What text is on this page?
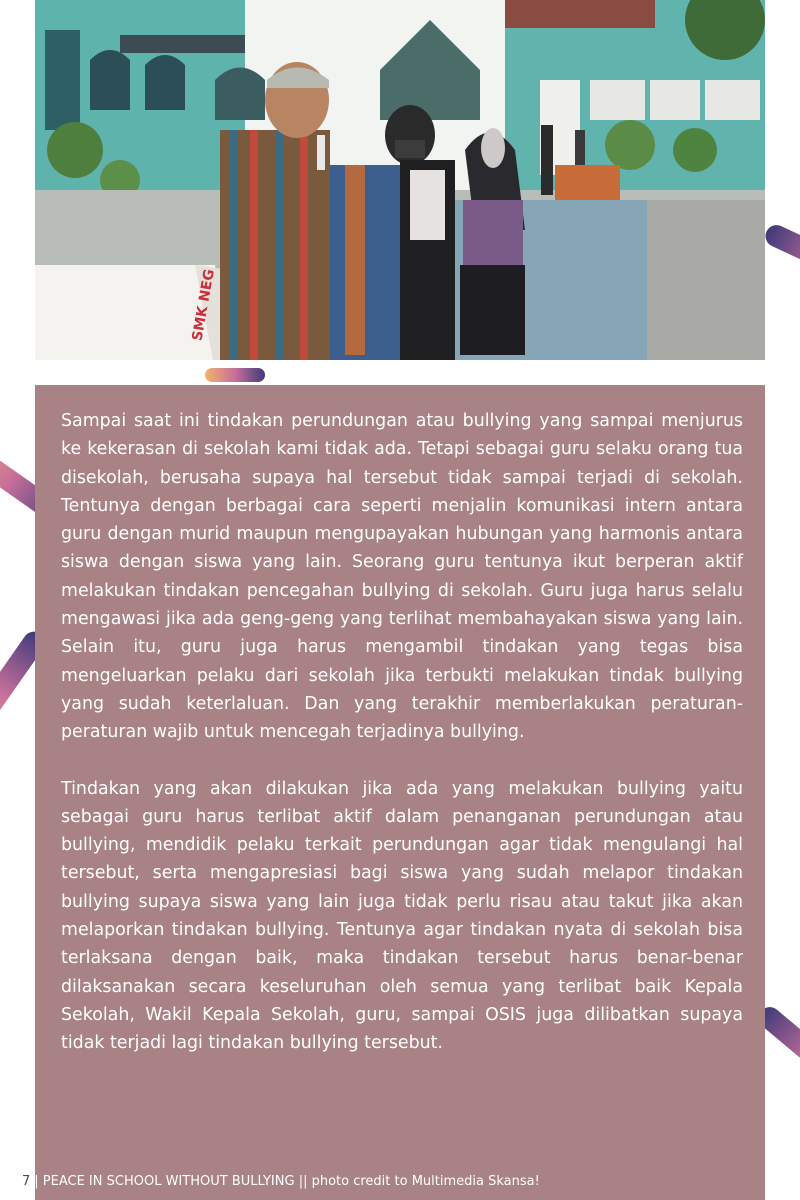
SMK NEG

Sampai saat ini tindakan perundungan atau bullying yang sampai menjurus ke kekerasan di sekolah kami tidak ada. Tetapi sebagai guru selaku orang tua disekolah, berusaha supaya hal tersebut tidak sampai terjadi di sekolah. Tentunya dengan berbagai cara seperti menjalin komunikasi intern antara guru dengan murid maupun mengupayakan hubungan yang harmonis antara siswa dengan siswa yang lain. Seorang guru tentunya ikut berperan aktif melakukan tindakan pencegahan bullying di sekolah. Guru juga harus selalu mengawasi jika ada geng-geng yang terlihat membahayakan siswa yang lain. Selain itu, guru juga harus mengambil tindakan yang tegas bisa mengeluarkan pelaku dari sekolah jika terbukti melakukan tindak bullying yang sudah keterlaluan. Dan yang terakhir memberlakukan peraturan-peraturan wajib untuk mencegah terjadinya bullying.

Tindakan yang akan dilakukan jika ada yang melakukan bullying yaitu sebagai guru harus terlibat aktif dalam penanganan perundungan atau bullying, mendidik pelaku terkait perundungan agar tidak mengulangi hal tersebut, serta mengapresiasi bagi siswa yang sudah melapor tindakan bullying supaya siswa yang lain juga tidak perlu risau atau takut jika akan melaporkan tindakan bullying. Tentunya agar tindakan nyata di sekolah bisa terlaksana dengan baik, maka tindakan tersebut harus benar-benar dilaksanakan secara keseluruhan oleh semua yang terlibat baik Kepala Sekolah, Wakil Kepala Sekolah, guru, sampai OSIS juga dilibatkan supaya tidak terjadi lagi tindakan bullying tersebut.

7 | PEACE IN SCHOOL WITHOUT BULLYING || photo credit to Multimedia Skansa!
